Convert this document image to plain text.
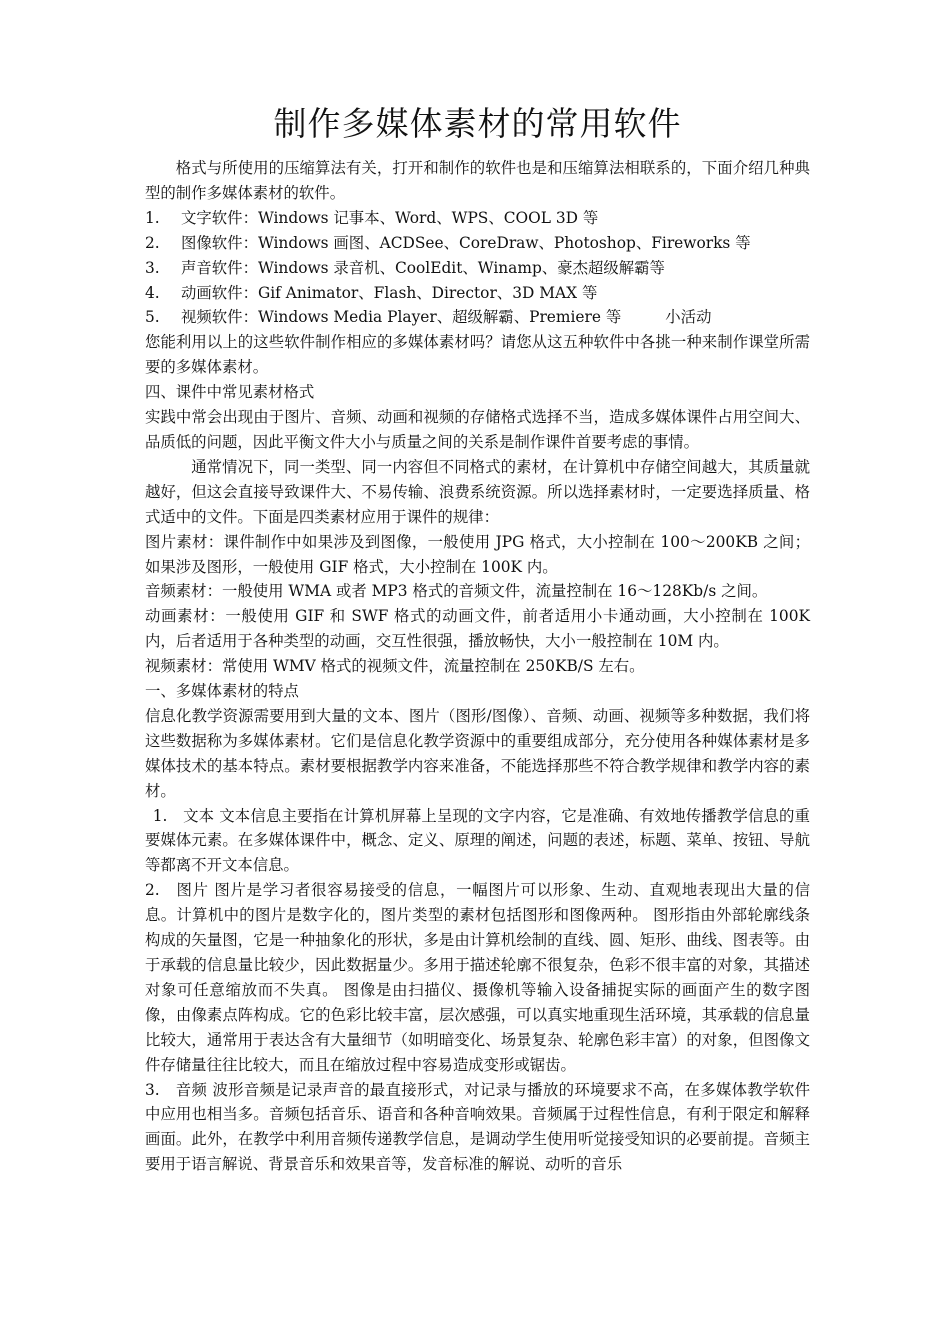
制作多媒体素材的常用软件

格式与所使用的压缩算法有关，打开和制作的软件也是和压缩算法相联系的，下面介绍几种典型的制作多媒体素材的软件。

1. 文字软件：Windows 记事本、Word、WPS、COOL 3D 等

2. 图像软件：Windows 画图、ACDSee、CoreDraw、Photoshop、Fireworks 等

3. 声音软件：Windows 录音机、CoolEdit、Winamp、豪杰超级解霸等

4. 动画软件：Gif Animator、Flash、Director、3D MAX 等

5. 视频软件：Windows Media Player、超级解霸、Premiere 等	小活动

您能利用以上的这些软件制作相应的多媒体素材吗？请您从这五种软件中各挑一种来制作课堂所需要的多媒体素材。

四、课件中常见素材格式

实践中常会出现由于图片、音频、动画和视频的存储格式选择不当，造成多媒体课件占用空间大、品质低的问题，因此平衡文件大小与质量之间的关系是制作课件首要考虑的事情。

通常情况下，同一类型、同一内容但不同格式的素材，在计算机中存储空间越大，其质量就越好，但这会直接导致课件大、不易传输、浪费系统资源。所以选择素材时，一定要选择质量、格式适中的文件。下面是四类素材应用于课件的规律：

图片素材：课件制作中如果涉及到图像，一般使用 JPG 格式，大小控制在 100～200KB 之间；如果涉及图形，一般使用 GIF 格式，大小控制在 100K 内。

音频素材：一般使用 WMA 或者 MP3 格式的音频文件，流量控制在 16～128Kb/s 之间。

动画素材：一般使用 GIF 和 SWF 格式的动画文件，前者适用小卡通动画，大小控制在 100K 内，后者适用于各种类型的动画，交互性很强，播放畅快，大小一般控制在 10M 内。

视频素材：常使用 WMV 格式的视频文件，流量控制在 250KB/S 左右。

一、多媒体素材的特点

信息化教学资源需要用到大量的文本、图片（图形/图像）、音频、动画、视频等多种数据，我们将这些数据称为多媒体素材。它们是信息化教学资源中的重要组成部分，充分使用各种媒体素材是多媒体技术的基本特点。素材要根据教学内容来准备，不能选择那些不符合教学规律和教学内容的素材。

1.　文本 文本信息主要指在计算机屏幕上呈现的文字内容，它是准确、有效地传播教学信息的重要媒体元素。在多媒体课件中，概念、定义、原理的阐述，问题的表述，标题、菜单、按钮、导航等都离不开文本信息。

2.　图片 图片是学习者很容易接受的信息，一幅图片可以形象、生动、直观地表现出大量的信息。计算机中的图片是数字化的，图片类型的素材包括图形和图像两种。 图形指由外部轮廓线条构成的矢量图，它是一种抽象化的形状，多是由计算机绘制的直线、圆、矩形、曲线、图表等。由于承载的信息量比较少，因此数据量少。多用于描述轮廓不很复杂，色彩不很丰富的对象，其描述对象可任意缩放而不失真。 图像是由扫描仪、摄像机等输入设备捕捉实际的画面产生的数字图像，由像素点阵构成。它的色彩比较丰富，层次感强，可以真实地重现生活环境，其承载的信息量比较大，通常用于表达含有大量细节（如明暗变化、场景复杂、轮廓色彩丰富）的对象，但图像文件存储量往往比较大，而且在缩放过程中容易造成变形或锯齿。

3.　音频 波形音频是记录声音的最直接形式，对记录与播放的环境要求不高，在多媒体教学软件中应用也相当多。音频包括音乐、语音和各种音响效果。音频属于过程性信息，有利于限定和解释画面。此外，在教学中利用音频传递教学信息，是调动学生使用听觉接受知识的必要前提。音频主要用于语言解说、背景音乐和效果音等，发音标准的解说、动听的音乐
